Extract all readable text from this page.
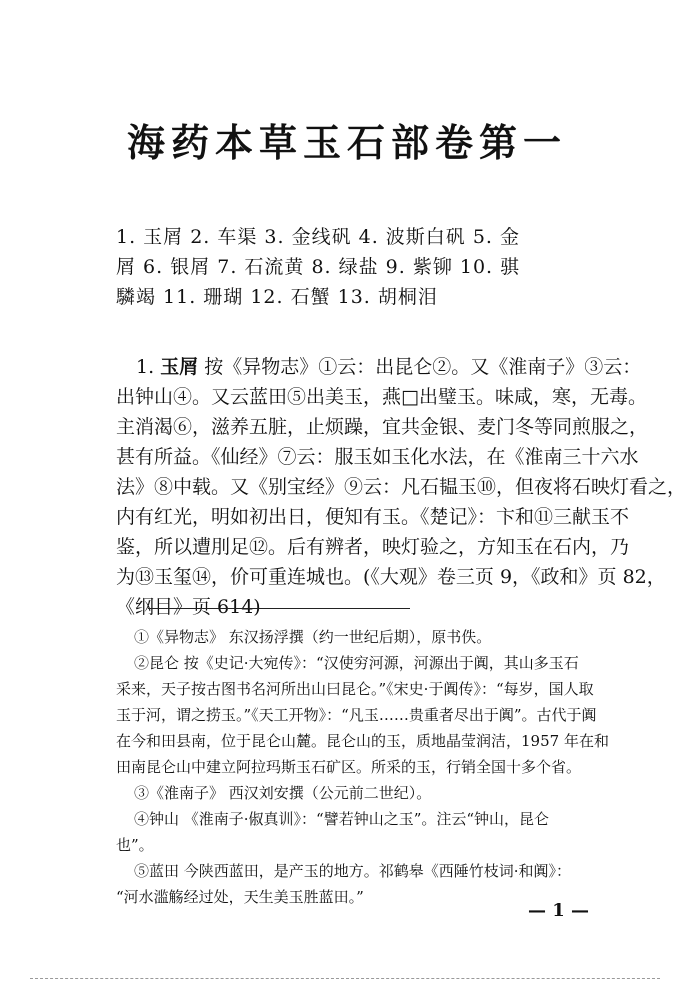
海药本草玉石部卷第一
1. 玉屑 2. 车渠 3. 金线矾 4. 波斯白矾 5. 金
屑 6. 银屑 7. 石流黄 8. 绿盐 9. 紫铆 10. 骐
驎竭 11. 珊瑚 12. 石蟹 13. 胡桐泪
1. 玉屑 按《异物志》①云：出昆仑②。又《淮南子》③云：
出钟山④。又云蓝田⑤出美玉，燕□出璧玉。味咸，寒，无毒。
主消渴⑥，滋养五脏，止烦躁，宜共金银、麦门冬等同煎服之，
甚有所益。《仙经》⑦云：服玉如玉化水法，在《淮南三十六水
法》⑧中载。又《别宝经》⑨云：凡石韫玉⑩，但夜将石映灯看之，
内有红光，明如初出日，便知有玉。《楚记》：卞和⑪三献玉不
鉴，所以遭刖足⑫。后有辨者，映灯验之，方知玉在石内，乃
为⑬玉玺⑭，价可重连城也。(《大观》卷三页 9，《政和》页 82，
《纲目》页 614)
①《异物志》 东汉扬浮撰（约一世纪后期），原书佚。
②昆仑 按《史记·大宛传》：“汉使穷河源，河源出于阗，其山多玉石
采来，天子按古图书名河所出山曰昆仑。”《宋史·于阗传》：“每岁，国人取
玉于河，谓之捞玉。”《天工开物》：“凡玉……贵重者尽出于阗”。古代于阗
在今和田县南，位于昆仑山麓。昆仑山的玉，质地晶莹润洁，1957 年在和
田南昆仑山中建立阿拉玛斯玉石矿区。所采的玉，行销全国十多个省。
③《淮南子》 西汉刘安撰（公元前二世纪）。
④钟山 《淮南子·俶真训》：“譬若钟山之玉”。注云“钟山，昆仑
也”。
⑤蓝田 今陕西蓝田，是产玉的地方。祁鹤皋《西陲竹枝词·和阗》：
“河水滥觞经过处，天生美玉胜蓝田。”
— 1 —
